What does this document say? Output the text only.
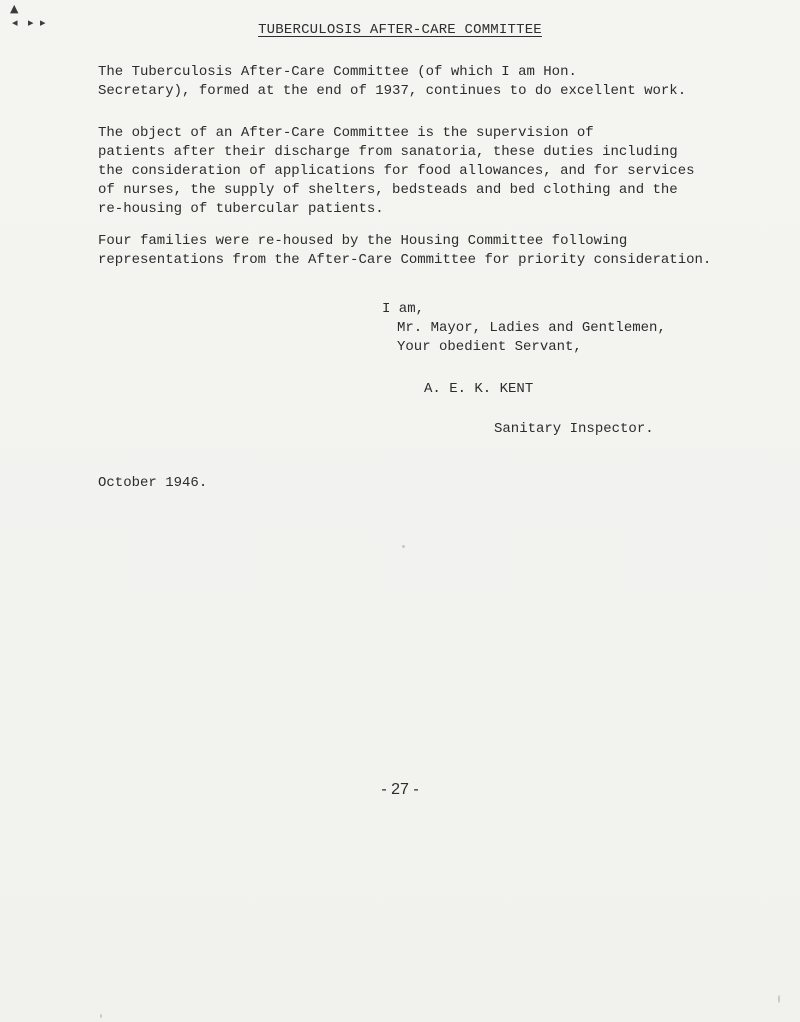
▲
◂ ▸ ▸	TUBERCULOSIS AFTER-CARE COMMITTEE
The Tuberculosis After-Care Committee (of which I am Hon.
Secretary), formed at the end of 1937, continues to do excellent work.
The object of an After-Care Committee is the supervision of
patients after their discharge from sanatoria, these duties including
the consideration of applications for food allowances, and for services
of nurses, the supply of shelters, bedsteads and bed clothing and the
re-housing of tubercular patients.
Four families were re-housed by the Housing Committee following
representations from the After-Care Committee for priority consideration.
I am,
Mr. Mayor, Ladies and Gentlemen,
Your obedient Servant,
A. E. K. KENT
Sanitary Inspector.
October 1946.
- 27 -
